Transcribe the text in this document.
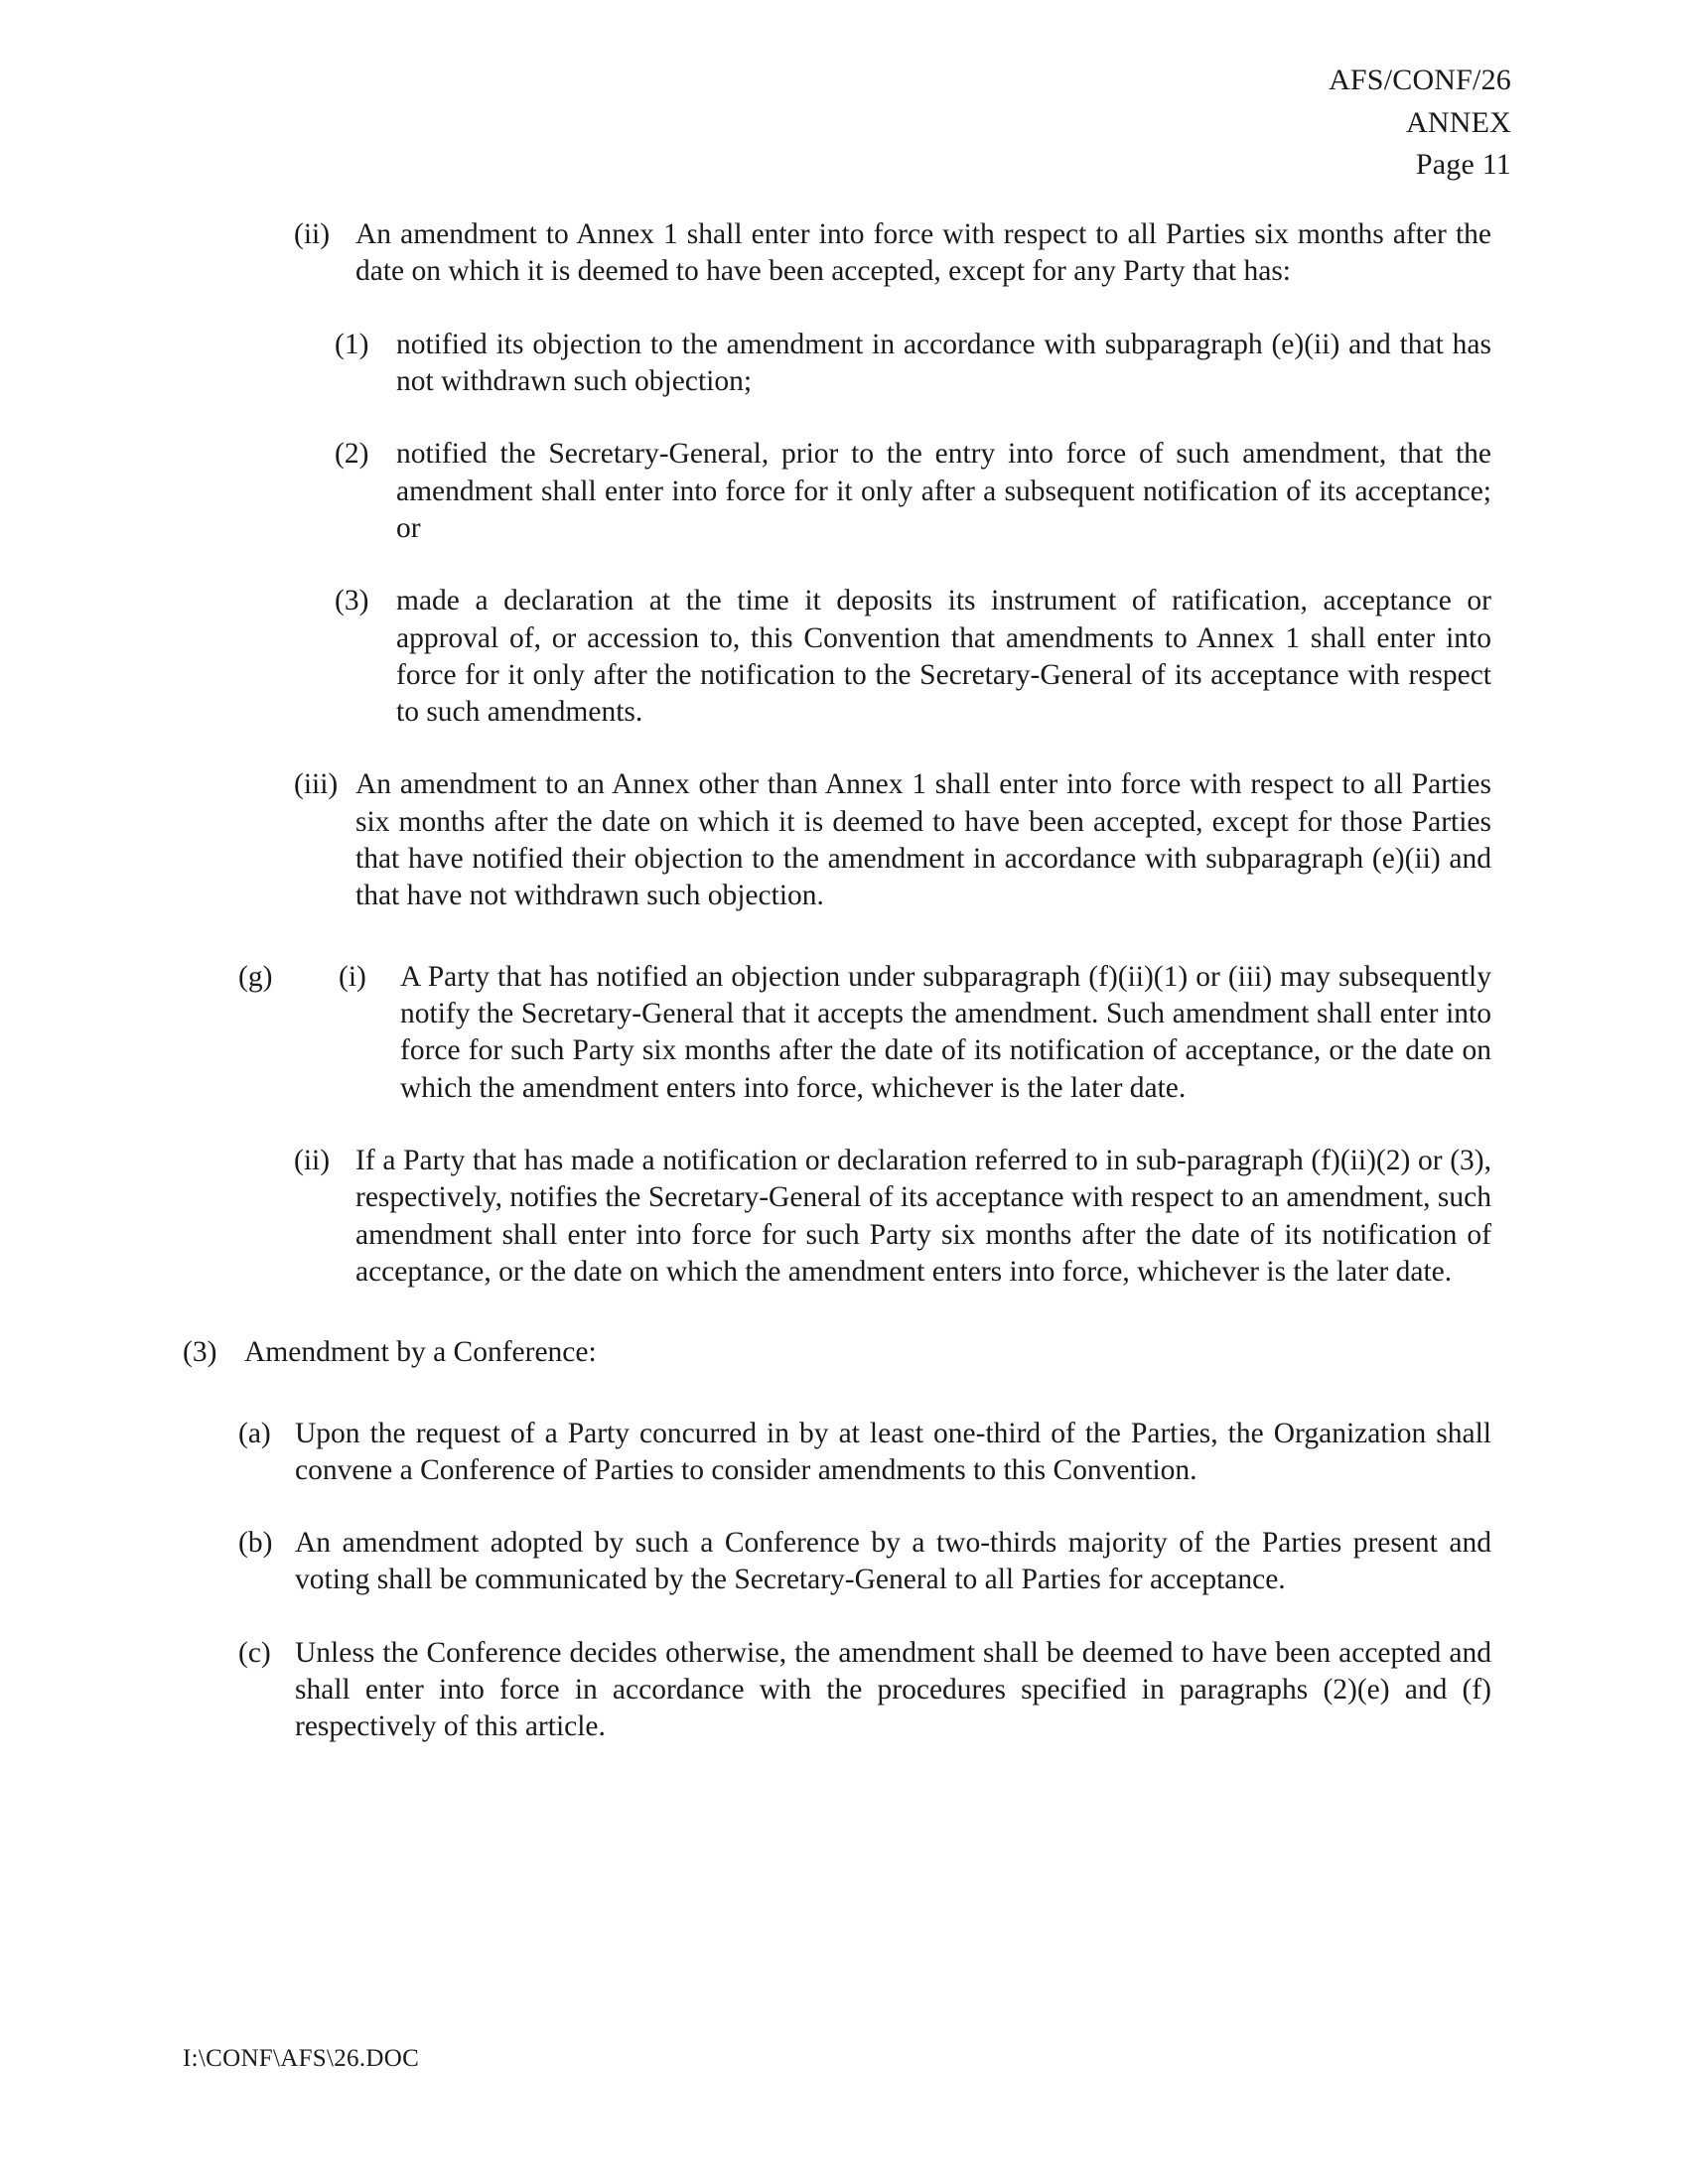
AFS/CONF/26
ANNEX
Page 11
(ii) An amendment to Annex 1 shall enter into force with respect to all Parties six months after the date on which it is deemed to have been accepted, except for any Party that has:
(1) notified its objection to the amendment in accordance with subparagraph (e)(ii) and that has not withdrawn such objection;
(2) notified the Secretary-General, prior to the entry into force of such amendment, that the amendment shall enter into force for it only after a subsequent notification of its acceptance; or
(3) made a declaration at the time it deposits its instrument of ratification, acceptance or approval of, or accession to, this Convention that amendments to Annex 1 shall enter into force for it only after the notification to the Secretary-General of its acceptance with respect to such amendments.
(iii) An amendment to an Annex other than Annex 1 shall enter into force with respect to all Parties six months after the date on which it is deemed to have been accepted, except for those Parties that have notified their objection to the amendment in accordance with subparagraph (e)(ii) and that have not withdrawn such objection.
(g)	(i)	A Party that has notified an objection under subparagraph (f)(ii)(1) or (iii) may subsequently notify the Secretary-General that it accepts the amendment. Such amendment shall enter into force for such Party six months after the date of its notification of acceptance, or the date on which the amendment enters into force, whichever is the later date.
(ii) If a Party that has made a notification or declaration referred to in sub-paragraph (f)(ii)(2) or (3), respectively, notifies the Secretary-General of its acceptance with respect to an amendment, such amendment shall enter into force for such Party six months after the date of its notification of acceptance, or the date on which the amendment enters into force, whichever is the later date.
(3) Amendment by a Conference:
(a) Upon the request of a Party concurred in by at least one-third of the Parties, the Organization shall convene a Conference of Parties to consider amendments to this Convention.
(b) An amendment adopted by such a Conference by a two-thirds majority of the Parties present and voting shall be communicated by the Secretary-General to all Parties for acceptance.
(c) Unless the Conference decides otherwise, the amendment shall be deemed to have been accepted and shall enter into force in accordance with the procedures specified in paragraphs (2)(e) and (f) respectively of this article.
I:\CONF\AFS\26.DOC
